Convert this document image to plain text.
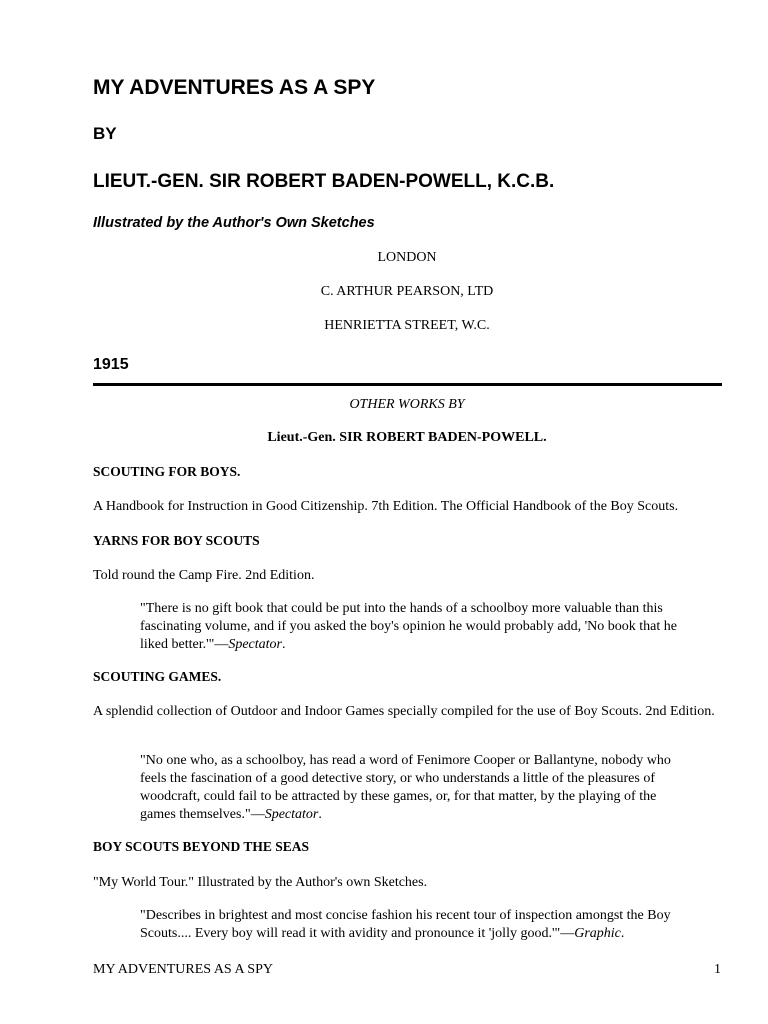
MY ADVENTURES AS A SPY
BY
LIEUT.-GEN. SIR ROBERT BADEN-POWELL, K.C.B.
Illustrated by the Author's Own Sketches
LONDON
C. ARTHUR PEARSON, LTD
HENRIETTA STREET, W.C.
1915
OTHER WORKS BY
Lieut.-Gen. SIR ROBERT BADEN-POWELL.
SCOUTING FOR BOYS.
A Handbook for Instruction in Good Citizenship. 7th Edition. The Official Handbook of the Boy Scouts.
YARNS FOR BOY SCOUTS
Told round the Camp Fire. 2nd Edition.
"There is no gift book that could be put into the hands of a schoolboy more valuable than this fascinating volume, and if you asked the boy's opinion he would probably add, 'No book that he liked better.'"—Spectator.
SCOUTING GAMES.
A splendid collection of Outdoor and Indoor Games specially compiled for the use of Boy Scouts. 2nd Edition.
"No one who, as a schoolboy, has read a word of Fenimore Cooper or Ballantyne, nobody who feels the fascination of a good detective story, or who understands a little of the pleasures of woodcraft, could fail to be attracted by these games, or, for that matter, by the playing of the games themselves."—Spectator.
BOY SCOUTS BEYOND THE SEAS
"My World Tour." Illustrated by the Author's own Sketches.
"Describes in brightest and most concise fashion his recent tour of inspection amongst the Boy Scouts.... Every boy will read it with avidity and pronounce it 'jolly good.'"—Graphic.
MY ADVENTURES AS A SPY	1
